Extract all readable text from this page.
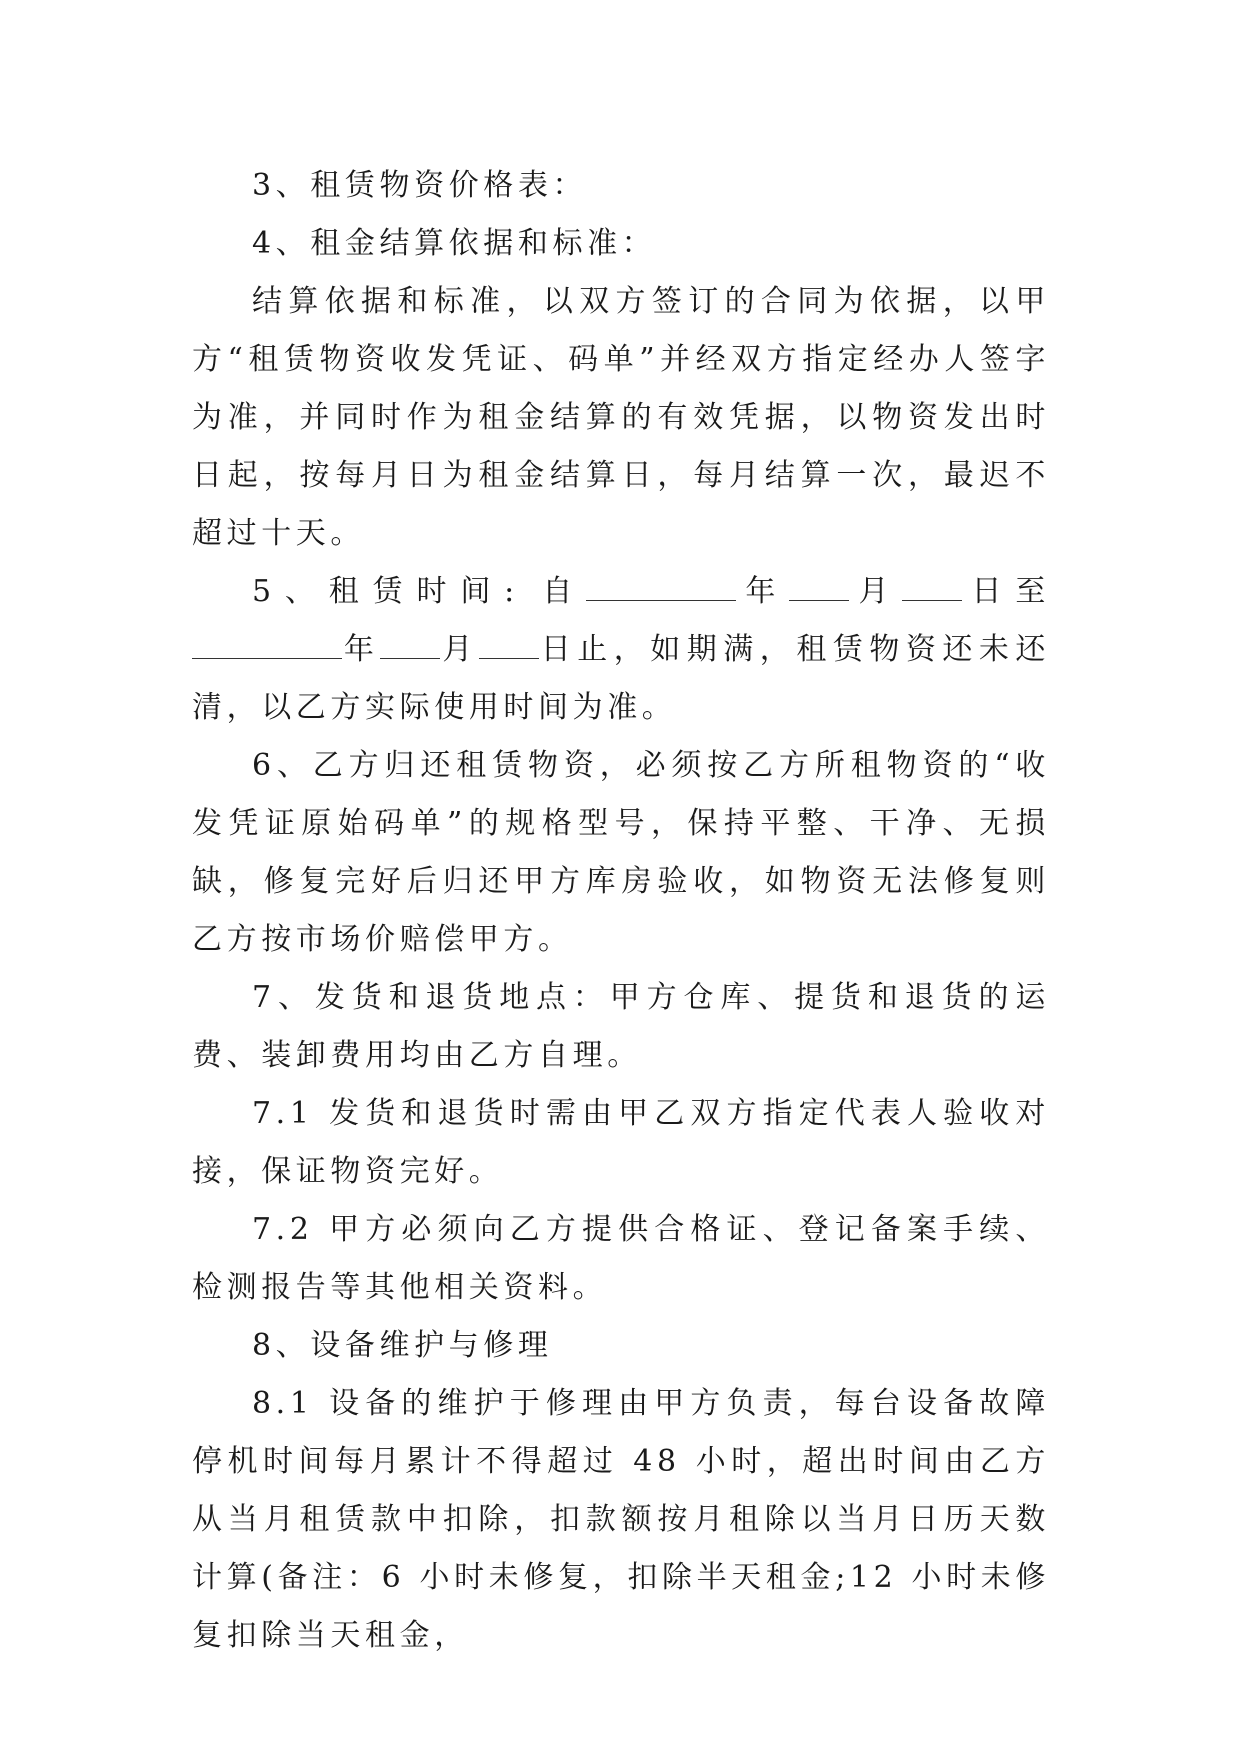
3、租赁物资价格表：

4、租金结算依据和标准：

结算依据和标准，以双方签订的合同为依据，以甲方“租赁物资收发凭证、码单”并经双方指定经办人签字为准，并同时作为租金结算的有效凭据，以物资发出时日起，按每月日为租金结算日，每月结算一次，最迟不超过十天。

5、租赁时间: 自	年 月 日至年 月 日止，如期满，租赁物资还未还清，以乙方实际使用时间为准。

6、乙方归还租赁物资，必须按乙方所租物资的“收发凭证原始码单”的规格型号，保持平整、干净、无损缺，修复完好后归还甲方库房验收，如物资无法修复则乙方按市场价赔偿甲方。

7、发货和退货地点：甲方仓库、提货和退货的运费、装卸费用均由乙方自理。

7.1 发货和退货时需由甲乙双方指定代表人验收对接，保证物资完好。

7.2 甲方必须向乙方提供合格证、登记备案手续、检测报告等其他相关资料。

8、设备维护与修理

8.1 设备的维护于修理由甲方负责，每台设备故障停机时间每月累计不得超过 48 小时，超出时间由乙方从当月租赁款中扣除，扣款额按月租除以当月日历天数计算(备注：6 小时未修复，扣除半天租金;12 小时未修复扣除当天租金，
